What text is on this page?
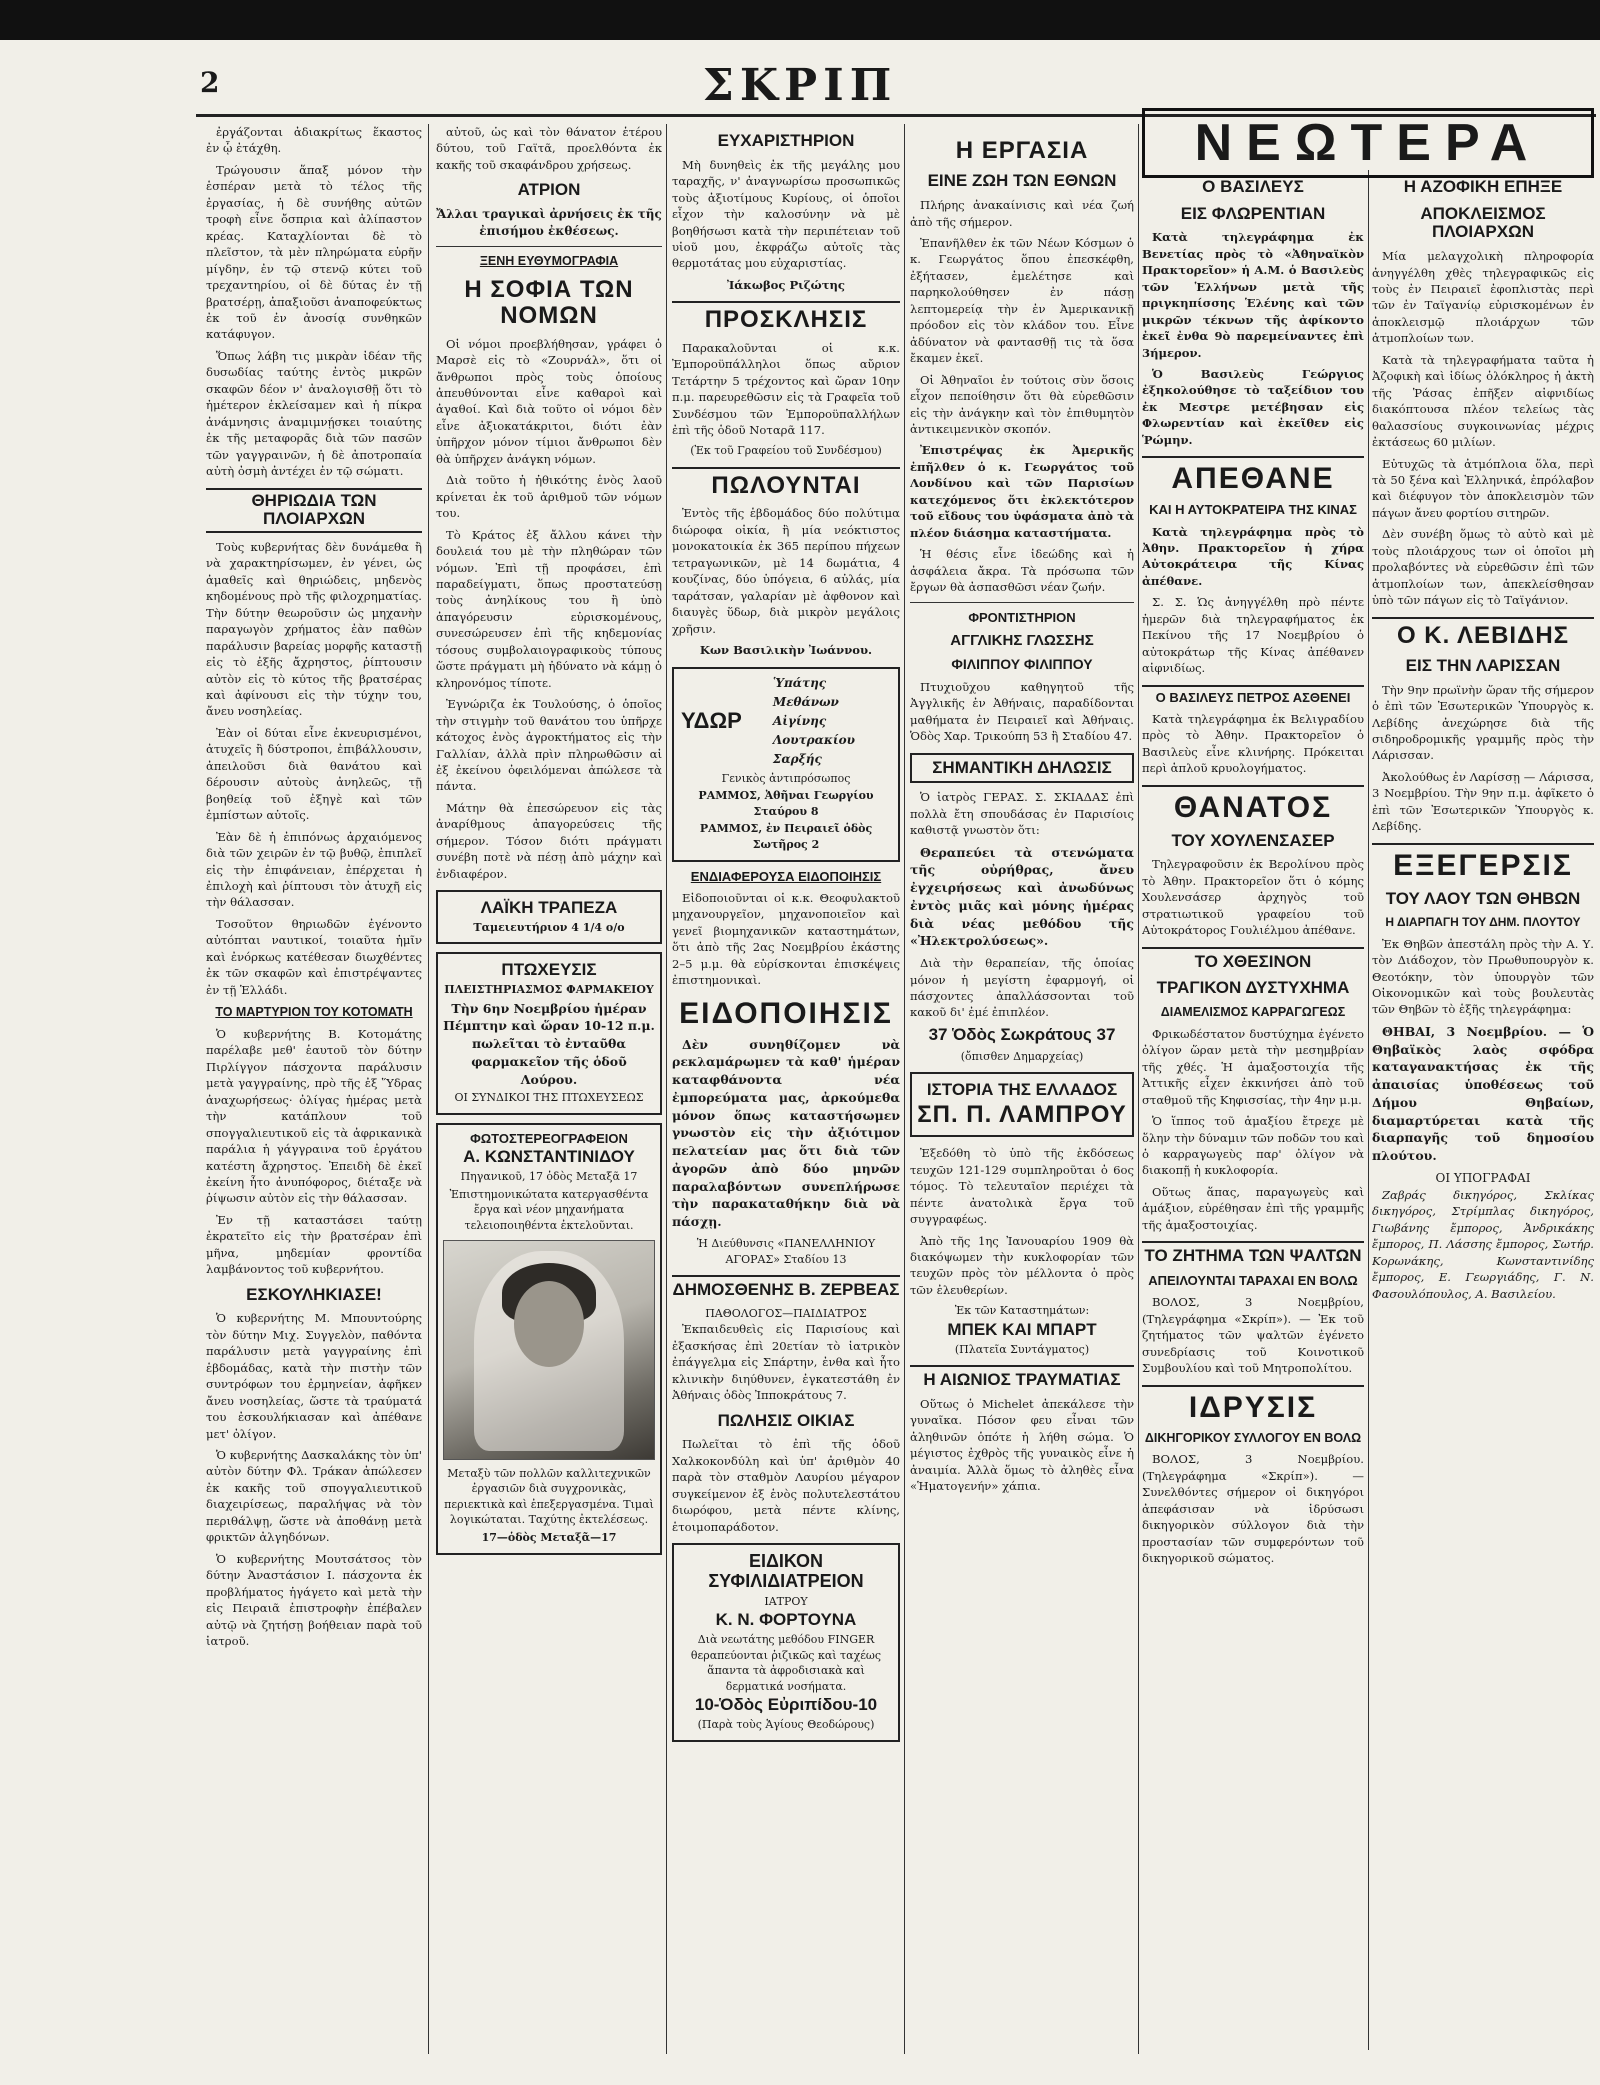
2	ΣΚΡΙΠ

ἐργάζονται ἀδιακρίτως ἕκαστος ἐν ᾧ ἐτάχθη.

Τρώγουσιν ἅπαξ μόνον τὴν ἑσπέραν μετὰ τὸ τέλος τῆς ἐργασίας, ἡ δὲ συνήθης αὐτῶν τροφὴ εἶνε ὄσπρια καὶ ἀλίπαστον κρέας. Καταχλίονται δὲ τὸ πλεῖστον, τὰ μὲν πληρώματα εὐρῆν μίγδην, ἐν τῷ στενῷ κύτει τοῦ τρεχαντηρίου, οἱ δὲ δύτας ἐν τῇ βρατσέρῃ, ἀπαξιοῦσι ἀναποφεύκτως ἐκ τοῦ ἐν ἀνοσίᾳ συνθηκῶν κατάφυγον.

Ὅπως λάβη τις μικρὰν ἰδέαν τῆς δυσωδίας ταύτης ἐντὸς μικρῶν σκαφῶν δέον ν' ἀναλογισθῇ ὅτι τὸ ἡμέτερον ἐκλείσαμεν καὶ ἡ πίκρα ἀνάμνησις ἀναμιμνῄσκει τοιαύτης ἐκ τῆς μεταφορᾶς διὰ τῶν πασῶν τῶν γαγγραινῶν, ἡ δὲ ἀποτροπαία αὐτὴ ὀσμὴ ἀντέχει ἐν τῷ σώματι.

ΘΗΡΙΩΔΙΑ ΤΩΝ ΠΛΟΙΑΡΧΩΝ

Τοὺς κυβερνήτας δὲν δυνάμεθα ἢ νὰ χαρακτηρίσωμεν, ἐν γένει, ὡς ἀμαθεῖς καὶ θηριώδεις, μηδενὸς κηδομένους πρὸ τῆς φιλοχρηματίας. Τὴν δύτην θεωροῦσιν ὡς μηχανὴν παραγωγὸν χρήματος ἐὰν παθὼν παράλυσιν βαρείας μορφῆς καταστῇ εἰς τὸ ἐξῆς ἄχρηστος, ῥίπτουσιν αὐτὸν εἰς τὸ κύτος τῆς βρατσέρας καὶ ἀφίνουσι εἰς τὴν τύχην του, ἄνευ νοσηλείας.

Ἐὰν οἱ δύται εἶνε ἐκνευρισμένοι, ἀτυχεῖς ἢ δύστροποι, ἐπιβάλλουσιν, ἀπειλοῦσι διὰ θανάτου καὶ δέρουσιν αὐτοὺς ἀνηλεῶς, τῇ βοηθείᾳ τοῦ ἐξηγὲ καὶ τῶν ἐμπίστων αὐτοῖς.

Ἐὰν δὲ ἡ ἐπιπόνως ἀρχαιόμενος διὰ τῶν χειρῶν ἐν τῷ βυθῷ, ἐπιπλεῖ εἰς τὴν ἐπιφάνειαν, ἐπέρχεται ἡ ἐπιλοχὴ καὶ ῥίπτουσι τὸν ἀτυχῆ εἰς τὴν θάλασσαν.

Τοσοῦτον θηριωδῶν ἐγένοντο αὐτόπται ναυτικοί, τοιαῦτα ἡμῖν καὶ ἐνόρκως κατέθεσαν διωχθέντες ἐκ τῶν σκαφῶν καὶ ἐπιστρέψαντες ἐν τῇ Ἑλλάδι.

ΤΟ ΜΑΡΤΥΡΙΟΝ ΤΟΥ ΚΟΤΟΜΑΤΗ

Ὁ κυβερνήτης Β. Κοτομάτης παρέλαβε μεθ' ἑαυτοῦ τὸν δύτην Πιρλίγγον πάσχοντα παράλυσιν μετὰ γαγγραίνης, πρὸ τῆς ἐξ Ὕδρας ἀναχωρήσεως· ὀλίγας ἡμέρας μετὰ τὴν κατάπλουν τοῦ σπογγαλιευτικοῦ εἰς τὰ ἀφρικανικὰ παράλια ἡ γάγγραινα τοῦ ἐργάτου κατέστη ἄχρηστος. Ἐπειδὴ δὲ ἐκεῖ ἐκείνη ἦτο ἀνυπόφορος, διέταξε νὰ ῥίψωσιν αὐτὸν εἰς τὴν θάλασσαν.

Ἐν τῇ καταστάσει ταύτῃ ἐκρατεῖτο εἰς τὴν βρατσέραν ἐπὶ μῆνα, μηδεμίαν φροντίδα λαμβάνοντος τοῦ κυβερνήτου.

ΕΣΚΟΥΛΗΚΙΑΣΕ!

Ὁ κυβερνήτης Μ. Μπουντούρης τὸν δύτην Μιχ. Συγγελὸν, παθόντα παράλυσιν μετὰ γαγγραίνης ἐπὶ ἑβδομάδας, κατὰ τὴν πιστὴν τῶν συντρόφων του ἐρμηνείαν, ἀφῆκεν ἄνευ νοσηλείας, ὥστε τὰ τραύματά του ἐσκουλήκιασαν καὶ ἀπέθανε μετ' ὀλίγον.

Ὁ κυβερνήτης Δασκαλάκης τὸν ὑπ' αὐτὸν δύτην Φλ. Τράκαν ἀπώλεσεν ἐκ κακῆς τοῦ σπογγαλιευτικοῦ διαχειρίσεως, παραλήψας νὰ τὸν περιθάλψῃ, ὥστε νὰ ἀποθάνῃ μετὰ φρικτῶν ἀλγηδόνων.

Ὁ κυβερνήτης Μουτσάτσος τὸν δύτην Ἀναστάσιον Ι. πάσχοντα ἐκ προβλήματος ἠγάγετο καὶ μετὰ τὴν εἰς Πειραιᾶ ἐπιστροφὴν ἐπέβαλεν αὐτῷ νὰ ζητήσῃ βοήθειαν παρὰ τοῦ ἰατροῦ.

αὐτοῦ, ὡς καὶ τὸν θάνατον ἑτέρου δύτου, τοῦ Γαϊτᾶ, προελθόντα ἐκ κακῆς τοῦ σκαφάνδρου χρήσεως.

ΑΤΡΙΟΝ
Ἄλλαι τραγικαὶ ἀρνήσεις ἐκ τῆς ἐπισήμου ἐκθέσεως.
ΞΕΝΗ ΕΥΘΥΜΟΓΡΑΦΙΑ
Η ΣΟΦΙΑ ΤΩΝ ΝΟΜΩΝ

Οἱ νόμοι προεβλήθησαν, γράφει ὁ Μαρσὲ εἰς τὸ «Ζουρνάλ», ὅτι οἱ ἄνθρωποι πρὸς τοὺς ὁποίους ἀπευθύνονται εἶνε καθαροὶ καὶ ἀγαθοί. Καὶ διὰ τοῦτο οἱ νόμοι δὲν εἶνε ἀξιοκατάκριτοι, διότι ἐὰν ὑπῆρχον μόνον τίμιοι ἄνθρωποι δὲν θὰ ὑπῆρχεν ἀνάγκη νόμων.

Διὰ τοῦτο ἡ ἠθικότης ἑνὸς λαοῦ κρίνεται ἐκ τοῦ ἀριθμοῦ τῶν νόμων του.

Τὸ Κράτος ἐξ ἄλλου κάνει τὴν δουλειά του μὲ τὴν πληθώραν τῶν νόμων. Ἐπὶ τῇ προφάσει, ἐπὶ παραδείγματι, ὅπως προστατεύσῃ τοὺς ἀνηλίκους του ἢ ὑπὸ ἀπαγόρευσιν εὑρισκομένους, συνεσώρευσεν ἐπὶ τῆς κηδεμονίας τόσους συμβολαιογραφικοὺς τύπους ὥστε πράγματι μὴ ἠδύνατο νὰ κάμῃ ὁ κληρονόμος τίποτε.

Ἐγνώριζα ἐκ Τουλούσης, ὁ ὁποῖος τὴν στιγμὴν τοῦ θανάτου του ὑπῆρχε κάτοχος ἐνὸς ἀγροκτήματος εἰς τὴν Γαλλίαν, ἀλλὰ πρὶν πληρωθῶσιν αἱ ἐξ ἐκείνου ὀφειλόμεναι ἀπώλεσε τὰ πάντα.

Μάτην θὰ ἐπεσώρευον εἰς τὰς ἀναρίθμους ἀπαγορεύσεις τῆς σήμερον. Τόσον διότι πράγματι συνέβη ποτὲ νὰ πέσῃ ἀπὸ μάχην καὶ ἐνδιαφέρον.

ΛΑΪΚΗ ΤΡΑΠΕΖΑ
Ταμειευτήριον 4 1/4 ο/ο
ΠΤΩΧΕΥΣΙΣ
ΠΛΕΙΣΤΗΡΙΑΣΜΟΣ ΦΑΡΜΑΚΕΙΟΥ
Τὴν 6ην Νοεμβρίου ἡμέραν Πέμπτην καὶ ὥραν 10-12 π.μ. πωλεῖται τὸ ἐνταῦθα φαρμακεῖον τῆς ὁδοῦ Λούρου.
ΟΙ ΣΥΝΔΙΚΟΙ ΤΗΣ ΠΤΩΧΕΥΣΕΩΣ
ΦΩΤΟΣΤΕΡΕΟΓΡΑΦΕΙΟΝ
Α. ΚΩΝΣΤΑΝΤΙΝΙΔΟΥ
Πηγανικοῦ, 17 ὁδὸς Μεταξᾶ 17
Ἐπιστημονικώτατα κατεργασθέντα ἔργα καὶ νέον μηχανήματα τελειοποιηθέντα ἐκτελοῦνται.
Μεταξὺ τῶν πολλῶν καλλιτεχνικῶν ἐργασιῶν διὰ συγχρονικὰς, περιεκτικὰ καὶ ἐπεξεργασμένα. Τιμαὶ λογικώταται. Ταχύτης ἐκτελέσεως.
17—ὁδὸς Μεταξᾶ—17
ΕΥΧΑΡΙΣΤΗΡΙΟΝ

Μὴ δυνηθεὶς ἐκ τῆς μεγάλης μου ταραχῆς, ν' ἀναγνωρίσω προσωπικῶς τοὺς ἀξιοτίμους Κυρίους, οἱ ὁποῖοι εἶχον τὴν καλοσύνην νὰ μὲ βοηθήσωσι κατὰ τὴν περιπέτειαν τοῦ υἱοῦ μου, ἐκφράζω αὐτοῖς τὰς θερμοτάτας μου εὐχαριστίας.

Ἰάκωβος Ριζώτης
ΠΡΟΣΚΛΗΣΙΣ

Παρακαλοῦνται οἱ κ.κ. Ἐμποροϋπάλληλοι ὅπως αὔριον Τετάρτην 5 τρέχοντος καὶ ὥραν 10ην π.μ. παρευρεθῶσιν εἰς τὰ Γραφεῖα τοῦ Συνδέσμου τῶν Ἐμποροϋπαλλήλων ἐπὶ τῆς ὁδοῦ Νοταρᾶ 117.

(Ἐκ τοῦ Γραφείου τοῦ Συνδέσμου)
ΠΩΛΟΥΝΤΑΙ

Ἐντὸς τῆς ἑβδομάδος δύο πολύτιμα διώροφα οἰκία, ἢ μία νεόκτιστος μονοκατοικία ἐκ 365 περίπου πήχεων τετραγωνικῶν, μὲ 14 δωμάτια, 4 κουζίνας, δύο ὑπόγεια, 6 αὐλάς, μία ταράτσαν, γαλαρίαν μὲ ἀφθονον καὶ διαυγὲς ὕδωρ, διὰ μικρὸν μεγάλοις χρῆσιν.

Κων Βασιλικὴν Ἰωάννου.
ΥΔΩΡ	Ὑπάτης
Μεθάνων
Αἰγίνης
Λουτρακίου
Σαρξής
Γενικὸς ἀντιπρόσωπος
ΡΑΜΜΟΣ, Ἀθῆναι Γεωργίου Σταύρου 8
ΡΑΜΜΟΣ, ἐν Πειραιεῖ ὁδὸς Σωτῆρος 2
ΕΝΔΙΑΦΕΡΟΥΣΑ ΕΙΔΟΠΟΙΗΣΙΣ

Εἰδοποιοῦνται οἱ κ.κ. Θεοφυλακτοῦ μηχανουργεῖον, μηχανοποιεῖον καὶ γενεῖ βιομηχανικῶν καταστημάτων, ὅτι ἀπὸ τῆς 2ας Νοεμβρίου ἐκάστης 2–5 μ.μ. θὰ εὑρίσκονται ἐπισκέψεις ἐπιστημονικαὶ.

ΕΙΔΟΠΟΙΗΣΙΣ

Δὲν συνηθίζομεν νὰ ρεκλαμάρωμεν τὰ καθ' ἡμέραν καταφθάνοντα νέα ἐμπορεύματα μας, ἀρκούμεθα μόνον ὅπως καταστήσωμεν γνωστὸν εἰς τὴν ἀξιότιμον πελατείαν μας ὅτι διὰ τῶν ἀγορῶν ἀπὸ δύο μηνῶν παραλαβόντων συνεπλήρωσε τὴν παρακαταθήκην διὰ νὰ πάσχῃ.

Ἡ Διεύθυνσις «ΠΑΝΕΛΛΗΝΙΟΥ ΑΓΟΡΑΣ» Σταδίου 13
ΔΗΜΟΣΘΕΝΗΣ Β. ΖΕΡΒΕΑΣ
ΠΑΘΟΛΟΓΟΣ—ΠΑΙΔΙΑΤΡΟΣ

Ἐκπαιδευθεὶς εἰς Παρισίους καὶ ἐξασκήσας ἐπὶ 20ετίαν τὸ ἰατρικὸν ἐπάγγελμα εἰς Σπάρτην, ἐνθα καὶ ἦτο κλινικὴν διηύθυνεν, ἐγκατεστάθη ἐν Ἀθήναις ὁδὸς Ἰπποκράτους 7.

ΠΩΛΗΣΙΣ ΟΙΚΙΑΣ

Πωλεῖται τὸ ἐπὶ τῆς ὁδοῦ Χαλκοκονδύλη καὶ ὑπ' ἀριθμὸν 40 παρὰ τὸν σταθμὸν Λαυρίου μέγαρον συγκείμενον ἐξ ἑνὸς πολυτελεστάτου διωρόφου, μετὰ πέντε κλίνης, ἑτοιμοπαράδοτον.

ΕΙΔΙΚΟΝ ΣΥΦΙΛΙΔΙΑΤΡΕΙΟΝ
ΙΑΤΡΟΥ
Κ. Ν. ΦΟΡΤΟΥΝΑ
Διὰ νεωτάτης μεθόδου FINGER θεραπεύονται ῥιζικῶς καὶ ταχέως ἅπαντα τὰ ἀφροδισιακὰ καὶ δερματικά νοσήματα.
10-Ὁδὸς Εὐριπίδου-10
(Παρὰ τοὺς Ἁγίους Θεοδώρους)
Η ΕΡΓΑΣΙΑ
ΕΙΝΕ ΖΩΗ ΤΩΝ ΕΘΝΩΝ

Πλήρης ἀνακαίνισις καὶ νέα ζωή ἀπὸ τῆς σήμερον.

Ἐπανῆλθεν ἐκ τῶν Νέων Κόσμων ὁ κ. Γεωργάτος ὅπου ἐπεσκέφθη, ἐξήτασεν, ἐμελέτησε καὶ παρηκολούθησεν ἐν πάσῃ λεπτομερείᾳ τὴν ἐν Ἀμερικανικῇ πρόοδον εἰς τὸν κλάδον του. Εἶνε ἀδύνατον νὰ φαντασθῇ τις τὰ ὅσα ἔκαμεν ἐκεῖ.

Οἱ Ἀθηναῖοι ἐν τούτοις σὺν ὅσοις εἶχον πεποίθησιν ὅτι θὰ εὑρεθῶσιν εἰς τὴν ἀνάγκην καὶ τὸν ἐπιθυμητὸν ἀντικειμενικὸν σκοπόν.

Ἐπιστρέψας ἐκ Ἀμερικῆς ἐπῆλθεν ὁ κ. Γεωργάτος τοῦ Λονδίνου καὶ τῶν Παρισίων κατεχόμενος ὅτι ἐκλεκτότερον τοῦ εἴδους του ὑφάσματα ἀπὸ τὰ πλέον διάσημα καταστήματα.

Ἡ θέσις εἶνε ἰδεώδης καὶ ἡ ἀσφάλεια ἄκρα. Τὰ πρόσωπα τῶν ἔργων θὰ ἀσπασθῶσι νέαν ζωήν.

ΦΡΟΝΤΙΣΤΗΡΙΟΝ
ΑΓΓΛΙΚΗΣ ΓΛΩΣΣΗΣ
ΦΙΛΙΠΠΟΥ ΦΙΛΙΠΠΟΥ

Πτυχιοῦχου καθηγητοῦ τῆς Ἀγγλικῆς ἐν Ἀθήναις, παραδίδονται μαθήματα ἐν Πειραιεῖ καὶ Ἀθήναις. Ὁδὸς Χαρ. Τρικούπη 53 ἢ Σταδίου 47.

ΣΗΜΑΝΤΙΚΗ ΔΗΛΩΣΙΣ

Ὁ ἰατρὸς ΓΕΡΑΣ. Σ. ΣΚΙΑΔΑΣ ἐπὶ πολλὰ ἔτη σπουδάσας ἐν Παρισίοις καθιστᾷ γνωστὸν ὅτι:

Θεραπεύει τὰ στενώματα τῆς οὐρήθρας, ἄνευ ἐγχειρήσεως καὶ ἀνωδύνως ἐντὸς μιᾶς καὶ μόνης ἡμέρας διὰ νέας μεθόδου τῆς «Ἠλεκτρολύσεως».

Διὰ τὴν θεραπείαν, τῆς ὁποίας μόνον ἡ μεγίστη ἐφαρμογή, οἱ πάσχοντες ἀπαλλάσσονται τοῦ κακοῦ δι' ἐμέ ἐπιπλέον.

37 Ὁδὸς Σωκράτους 37
(ὄπισθεν Δημαρχείας)
ΙΣΤΟΡΙΑ ΤΗΣ ΕΛΛΑΔΟΣ
ΣΠ. Π. ΛΑΜΠΡΟΥ

Ἐξεδόθη τὸ ὑπὸ τῆς ἐκδόσεως τευχῶν 121-129 συμπληροῦται ὁ 6ος τόμος. Τὸ τελευταῖον περιέχει τὰ πέντε ἀνατολικὰ ἔργα τοῦ συγγραφέως.

Ἀπὸ τῆς 1ης Ἰανουαρίου 1909 θὰ διακόψωμεν τὴν κυκλοφορίαν τῶν τευχῶν πρὸς τὸν μέλλοντα ὁ πρὸς τῶν ἐλευθερίων.

Ἐκ τῶν Καταστημάτων:
ΜΠΕΚ ΚΑΙ ΜΠΑΡΤ
(Πλατεῖα Συντάγματος)
Η ΑΙΩΝΙΟΣ ΤΡΑΥΜΑΤΙΑΣ

Οὕτως ὁ Michelet ἀπεκάλεσε τὴν γυναῖκα. Πόσον φευ εἶναι τῶν ἀληθινῶν ὁπότε ἡ λήθη σώμα. Ὁ μέγιστος ἐχθρὸς τῆς γυναικὸς εἶνε ἡ ἀναιμία. Ἀλλὰ ὅμως τὸ ἀληθὲς εἶνα «Ἡματογενήν» χάπια.

ΝΕΩΤΕΡΑ
Ο ΒΑΣΙΛΕΥΣ
ΕΙΣ ΦΛΩΡΕΝΤΙΑΝ

Κατὰ τηλεγράφημα ἐκ Βενετίας πρὸς τὸ «Ἀθηναϊκὸν Πρακτορεῖον» ἡ Α.Μ. ὁ Βασιλεὺς τῶν Ἑλλήνων μετὰ τῆς πριγκηπίσσης Ἑλένης καὶ τῶν μικρῶν τέκνων τῆς ἀφίκοντο ἐκεῖ ἐνθα 9ὸ παρεμείναντες ἐπὶ 3ήμερον.

Ὁ Βασιλεὺς Γεώργιος ἐξηκολούθησε τὸ ταξείδιον του ἐκ Μεστρε μετέβησαν εἰς Φλωρεντίαν καὶ ἐκεῖθεν εἰς Ῥώμην.

ΑΠΕΘΑΝΕ
ΚΑΙ Η ΑΥΤΟΚΡΑΤΕΙΡΑ ΤΗΣ ΚΙΝΑΣ

Κατὰ τηλεγράφημα πρὸς τὸ Ἀθην. Πρακτορεῖον ἡ χήρα Αὐτοκράτειρα τῆς Κίνας ἀπέθανε.

Σ. Σ. Ὡς ἀνηγγέλθη πρὸ πέντε ἡμερῶν διὰ τηλεγραφήματος ἐκ Πεκίνου τῆς 17 Νοεμβρίου ὁ αὐτοκράτωρ τῆς Κίνας ἀπέθανεν αἰφνιδίως.

Ο ΒΑΣΙΛΕΥΣ ΠΕΤΡΟΣ ΑΣΘΕΝΕΙ

Κατὰ τηλεγράφημα ἐκ Βελιγραδίου πρὸς τὸ Ἀθην. Πρακτορεῖον ὁ Βασιλεὺς εἶνε κλινήρης. Πρόκειται περὶ ἁπλοῦ κρυολογήματος.

ΘΑΝΑΤΟΣ
ΤΟΥ ΧΟΥΛΕΝΣΑΣΕΡ

Τηλεγραφοῦσιν ἐκ Βερολίνου πρὸς τὸ Ἀθην. Πρακτορεῖον ὅτι ὁ κόμης Χουλενσάσερ ἀρχηγὸς τοῦ στρατιωτικοῦ γραφείου τοῦ Αὐτοκράτορος Γουλιέλμου ἀπέθανε.

ΤΟ ΧΘΕΣΙΝΟΝ
ΤΡΑΓΙΚΟΝ ΔΥΣΤΥΧΗΜΑ
ΔΙΑΜΕΛΙΣΜΟΣ ΚΑΡΡΑΓΩΓΕΩΣ

Φρικωδέστατον δυστύχημα ἐγένετο ὀλίγον ὥραν μετὰ τὴν μεσημβρίαν τῆς χθές. Ἡ ἁμαξοστοιχία τῆς Ἀττικῆς εἶχεν ἐκκινήσει ἀπὸ τοῦ σταθμοῦ τῆς Κηφισσίας, τὴν 4ην μ.μ.

Ὁ ἵππος τοῦ ἁμαξίου ἔτρεχε μὲ ὅλην τὴν δύναμιν τῶν ποδῶν του καὶ ὁ καρραγωγεὺς παρ' ὀλίγον νὰ διακοπῇ ἡ κυκλοφορία.

Οὕτως ἅπας, παραγωγεὺς καὶ ἁμάξιον, εὑρέθησαν ἐπὶ τῆς γραμμῆς τῆς ἁμαξοστοιχίας.

ΤΟ ΖΗΤΗΜΑ ΤΩΝ ΨΑΛΤΩΝ
ΑΠΕΙΛΟΥΝΤΑΙ ΤΑΡΑΧΑΙ ΕΝ ΒΟΛΩ

ΒΟΛΟΣ, 3 Νοεμβρίου, (Τηλεγράφημα «Σκρίπ»). — Ἐκ τοῦ ζητήματος τῶν ψαλτῶν ἐγένετο συνεδρίασις τοῦ Κοινοτικοῦ Συμβουλίου καὶ τοῦ Μητροπολίτου.

ΙΔΡΥΣΙΣ
ΔΙΚΗΓΟΡΙΚΟΥ ΣΥΛΛΟΓΟΥ ΕΝ ΒΟΛΩ

ΒΟΛΟΣ, 3 Νοεμβρίου. (Τηλεγράφημα «Σκρίπ»). — Συνελθόντες σήμερον οἱ δικηγόροι ἀπεφάσισαν νὰ ἱδρύσωσι δικηγορικὸν σύλλογον διὰ τὴν προστασίαν τῶν συμφερόντων τοῦ δικηγορικοῦ σώματος.

Η ΑΖΟΦΙΚΗ ΕΠΗΞΕ
ΑΠΟΚΛΕΙΣΜΟΣ ΠΛΟΙΑΡΧΩΝ

Μία μελαγχολικὴ πληροφορία ἀνηγγέλθη χθὲς τηλεγραφικῶς εἰς τοὺς ἐν Πειραιεῖ ἐφοπλιστὰς περὶ τῶν ἐν Ταϊγανίῳ εὑρισκομένων ἐν ἀποκλεισμῷ πλοιάρχων τῶν ἀτμοπλοίων των.

Κατὰ τὰ τηλεγραφήματα ταῦτα ἡ Ἀζοφικὴ καὶ ἰδίως ὁλόκληρος ἡ ἀκτὴ τῆς Ῥάσας ἐπῆξεν αἰφνιδίως διακόπτουσα πλέον τελείως τὰς θαλασσίους συγκοινωνίας μέχρις ἐκτάσεως 60 μιλίων.

Εὐτυχῶς τὰ ἀτμόπλοια ὅλα, περὶ τὰ 50 ξένα καὶ Ἑλληνικά, ἐπρόλαβον καὶ διέφυγον τὸν ἀποκλεισμὸν τῶν πάγων ἄνευ φορτίου σιτηρῶν.

Δὲν συνέβη ὅμως τὸ αὐτὸ καὶ μὲ τοὺς πλοιάρχους των οἱ ὁποῖοι μὴ προλαβόντες νὰ εὑρεθῶσιν ἐπὶ τῶν ἀτμοπλοίων των, ἀπεκλείσθησαν ὑπὸ τῶν πάγων εἰς τὸ Ταϊγάνιον.

Ο Κ. ΛΕΒΙΔΗΣ
ΕΙΣ ΤΗΝ ΛΑΡΙΣΣΑΝ

Τὴν 9ην πρωϊνὴν ὥραν τῆς σήμερον ὁ ἐπὶ τῶν Ἐσωτερικῶν Ὑπουργὸς κ. Λεβίδης ἀνεχώρησε διὰ τῆς σιδηροδρομικῆς γραμμῆς πρὸς τὴν Λάρισσαν.

Ἀκολούθως ἐν Λαρίσσῃ — Λάρισσα, 3 Νοεμβρίου. Τὴν 9ην π.μ. ἀφῖκετο ὁ ἐπὶ τῶν Ἐσωτερικῶν Ὑπουργὸς κ. Λεβίδης.

ΕΞΕΓΕΡΣΙΣ
ΤΟΥ ΛΑΟΥ ΤΩΝ ΘΗΒΩΝ
Η ΔΙΑΡΠΑΓΗ ΤΟΥ ΔΗΜ. ΠΛΟΥΤΟΥ

Ἐκ Θηβῶν ἀπεστάλη πρὸς τὴν Α. Υ. τὸν Διάδοχον, τὸν Πρωθυπουργὸν κ. Θεοτόκην, τὸν ὑπουργὸν τῶν Οἰκονομικῶν καὶ τοὺς βουλευτὰς τῶν Θηβῶν τὸ ἑξῆς τηλεγράφημα:

ΘΗΒΑΙ, 3 Νοεμβρίου. — Ὁ Θηβαϊκὸς λαὸς σφόδρα καταγανακτήσας ἐκ τῆς ἀπαισίας ὑποθέσεως τοῦ Δήμου Θηβαίων, διαμαρτύρεται κατὰ τῆς διαρπαγῆς τοῦ δημοσίου πλούτου.

ΟΙ ΥΠΟΓΡΑΦΑΙ

Ζαβράς δικηγόρος, Σκλίκας δικηγόρος, Στρίμπλας δικηγόρος, Γιωβάνης ἔμπορος, Ἀνδρικάκης ἔμπορος, Π. Λάσσης ἔμπορος, Σωτήρ. Κορωνάκης, Κωνσταντινίδης ἔμπορος, Ε. Γεωργιάδης, Γ. Ν. Φασουλόπουλος, Α. Βασιλείου.
